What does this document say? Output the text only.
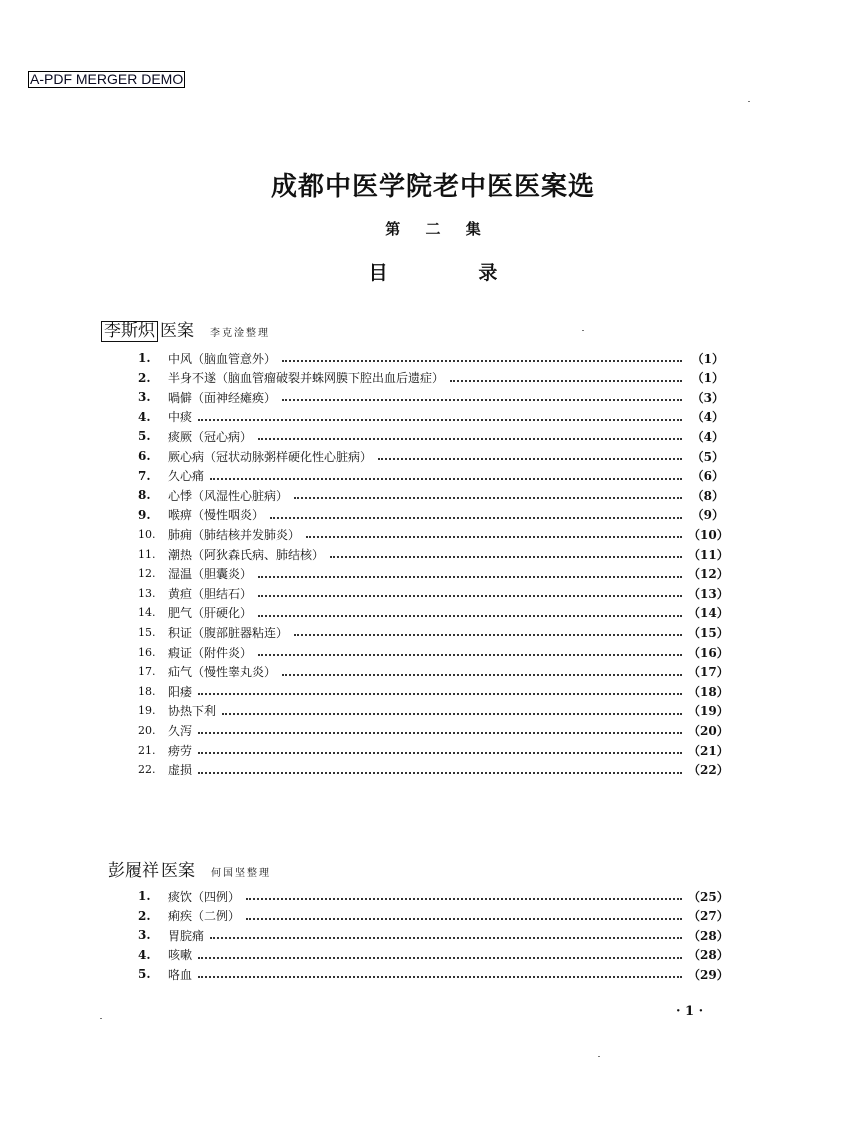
A-PDF MERGER DEMO
成都中医学院老中医医案选
第 二 集
目	录
李斯炽 医案 李克淦整理
1.	中风（脑血管意外）	（1）
2.	半身不遂（脑血管瘤破裂并蛛网膜下腔出血后遗症）	（1）
3.	喎僻（面神经瘫痪）	（3）
4.	中痰	（4）
5.	痰厥（冠心病）	（4）
6.	厥心病（冠状动脉粥样硬化性心脏病）	（5）
7.	久心痛	（6）
8.	心悸（风湿性心脏病）	（8）
9.	喉痹（慢性咽炎）	（9）
10.	肺痈（肺结核并发肺炎）	（10）
11.	潮热（阿狄森氏病、肺结核）	（11）
12.	湿温（胆囊炎）	（12）
13.	黄疸（胆结石）	（13）
14.	肥气（肝硬化）	（14）
15.	积证（腹部脏器粘连）	（15）
16.	瘕证（附件炎）	（16）
17.	疝气（慢性睾丸炎）	（17）
18.	阳痿	（18）
19.	协热下利	（19）
20.	久泻	（20）
21.	痨劳	（21）
22.	虚损	（22）
彭履祥 医案 何国坚整理
1.	痰饮（四例）	（25）
2.	痢疾（二例）	（27）
3.	胃脘痛	（28）
4.	咳嗽	（28）
5.	咯血	（29）
· 1 ·
